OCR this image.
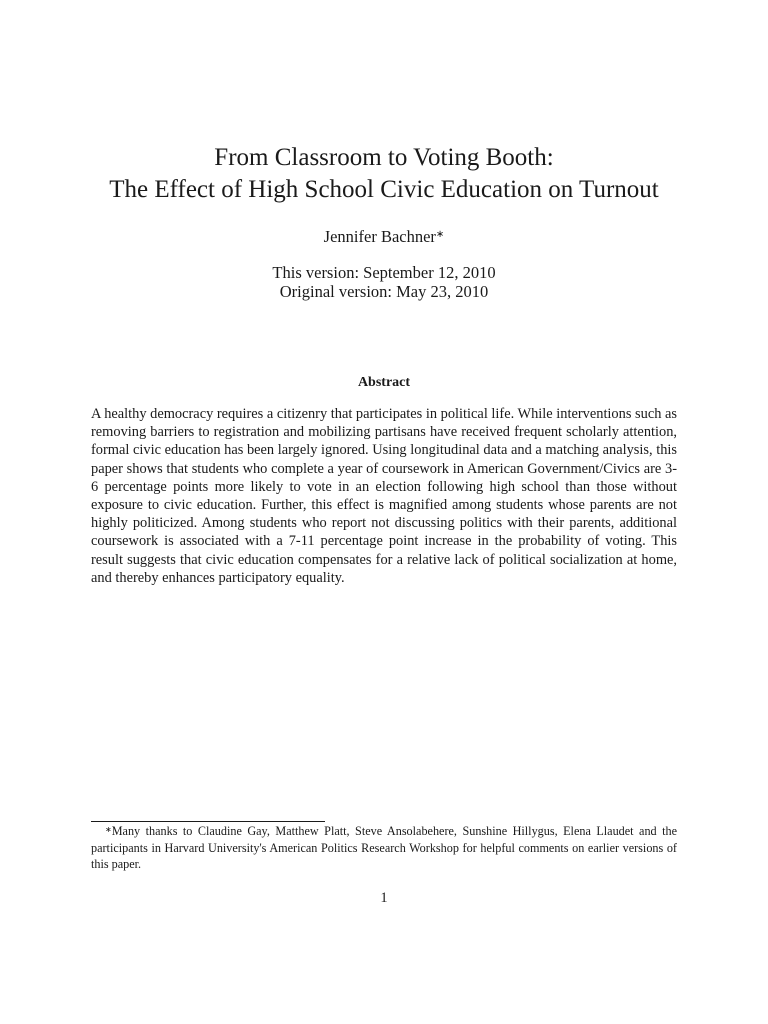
From Classroom to Voting Booth:
The Effect of High School Civic Education on Turnout
Jennifer Bachner∗
This version: September 12, 2010
Original version: May 23, 2010
Abstract

A healthy democracy requires a citizenry that participates in political life. While interventions such as removing barriers to registration and mobilizing partisans have received frequent scholarly attention, formal civic education has been largely ignored. Using longitudinal data and a matching analysis, this paper shows that students who complete a year of coursework in American Government/Civics are 3-6 percentage points more likely to vote in an election following high school than those without exposure to civic education. Further, this effect is magnified among students whose parents are not highly politicized. Among students who report not discussing politics with their parents, additional coursework is associated with a 7-11 percentage point increase in the probability of voting. This result suggests that civic education compensates for a relative lack of political socialization at home, and thereby enhances participatory equality.

∗Many thanks to Claudine Gay, Matthew Platt, Steve Ansolabehere, Sunshine Hillygus, Elena Llaudet and the participants in Harvard University's American Politics Research Workshop for helpful comments on earlier versions of this paper.
1
